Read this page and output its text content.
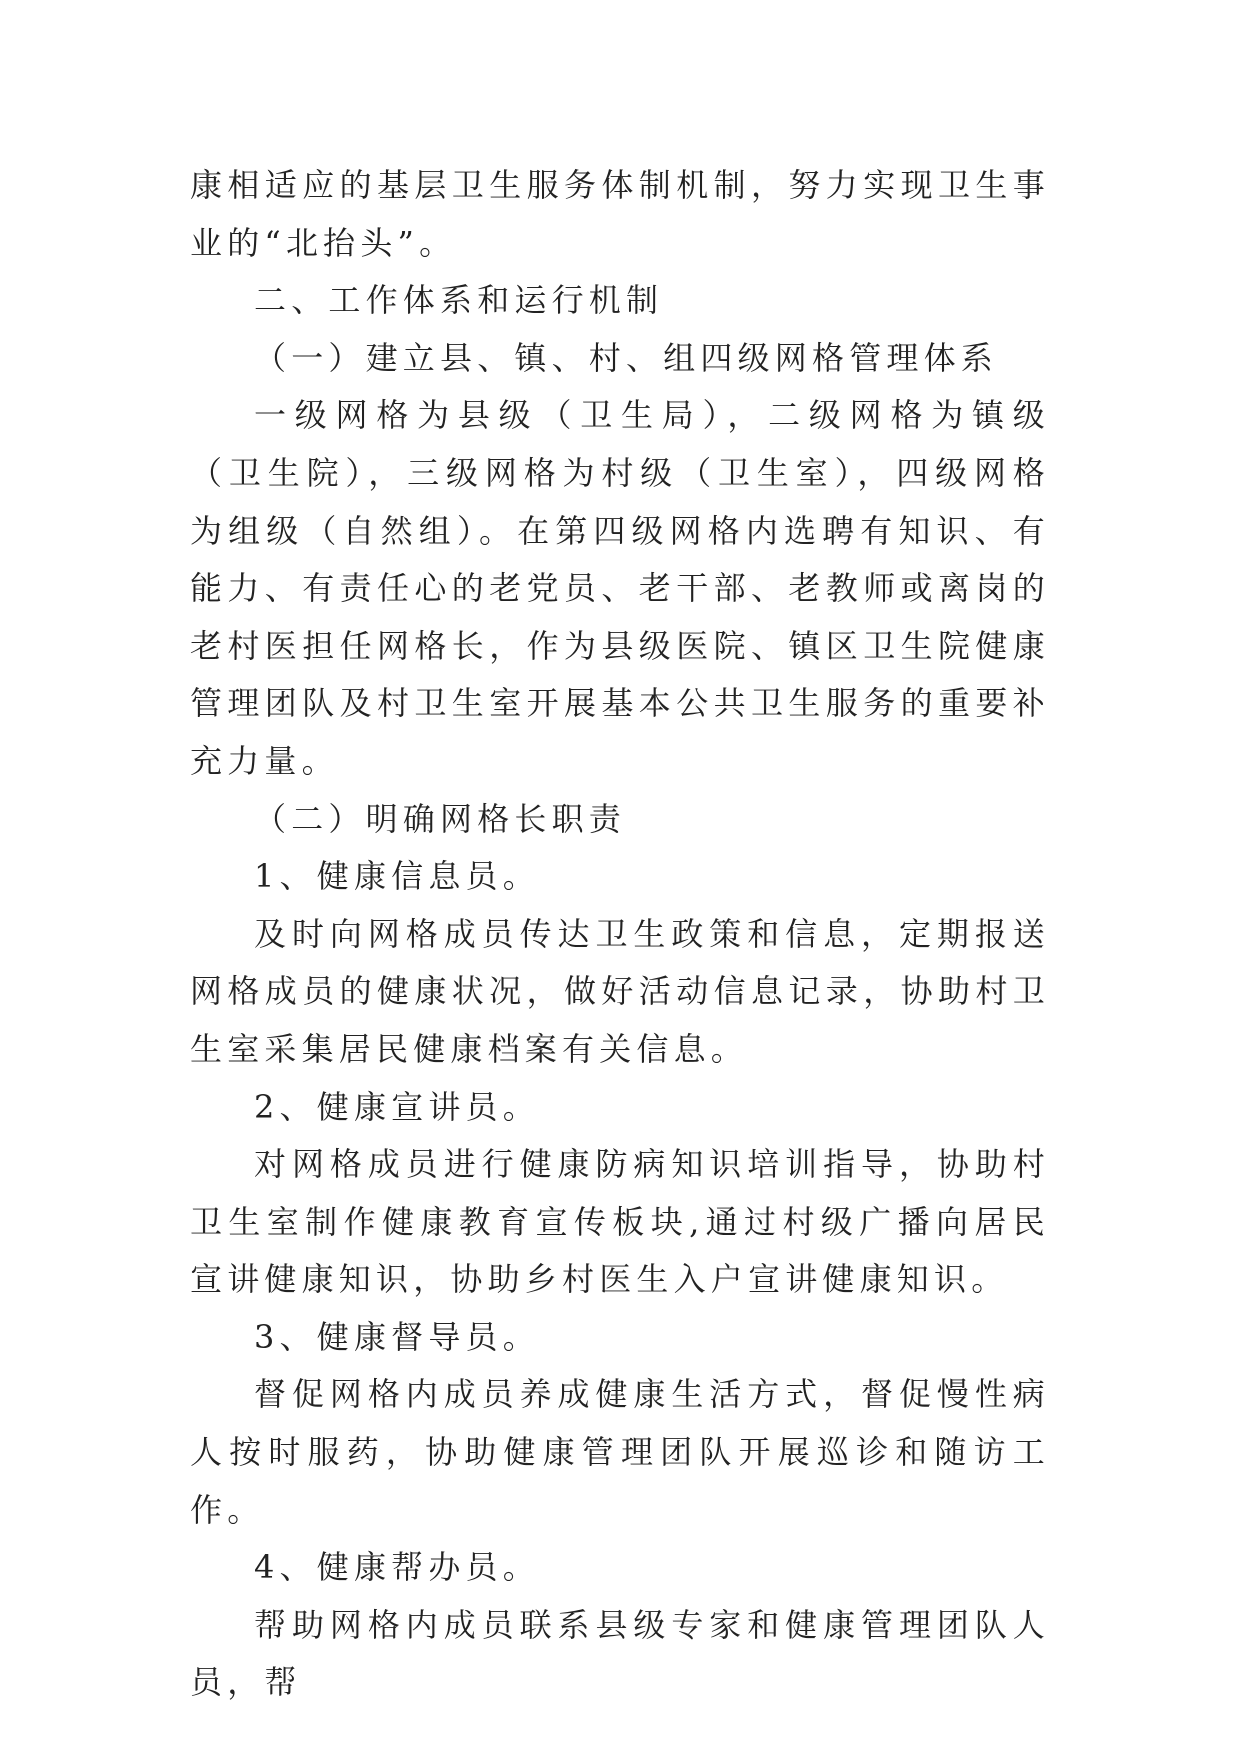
康相适应的基层卫生服务体制机制，努力实现卫生事业的“北抬头”。

二、工作体系和运行机制

（一）建立县、镇、村、组四级网格管理体系

一级网格为县级（卫生局），二级网格为镇级（卫生院），三级网格为村级（卫生室），四级网格为组级（自然组）。在第四级网格内选聘有知识、有能力、有责任心的老党员、老干部、老教师或离岗的老村医担任网格长，作为县级医院、镇区卫生院健康管理团队及村卫生室开展基本公共卫生服务的重要补充力量。

（二）明确网格长职责

1、健康信息员。

及时向网格成员传达卫生政策和信息，定期报送网格成员的健康状况，做好活动信息记录，协助村卫生室采集居民健康档案有关信息。

2、健康宣讲员。

对网格成员进行健康防病知识培训指导，协助村卫生室制作健康教育宣传板块,通过村级广播向居民宣讲健康知识，协助乡村医生入户宣讲健康知识。

3、健康督导员。

督促网格内成员养成健康生活方式，督促慢性病人按时服药，协助健康管理团队开展巡诊和随访工作。

4、健康帮办员。

帮助网格内成员联系县级专家和健康管理团队人员，帮
